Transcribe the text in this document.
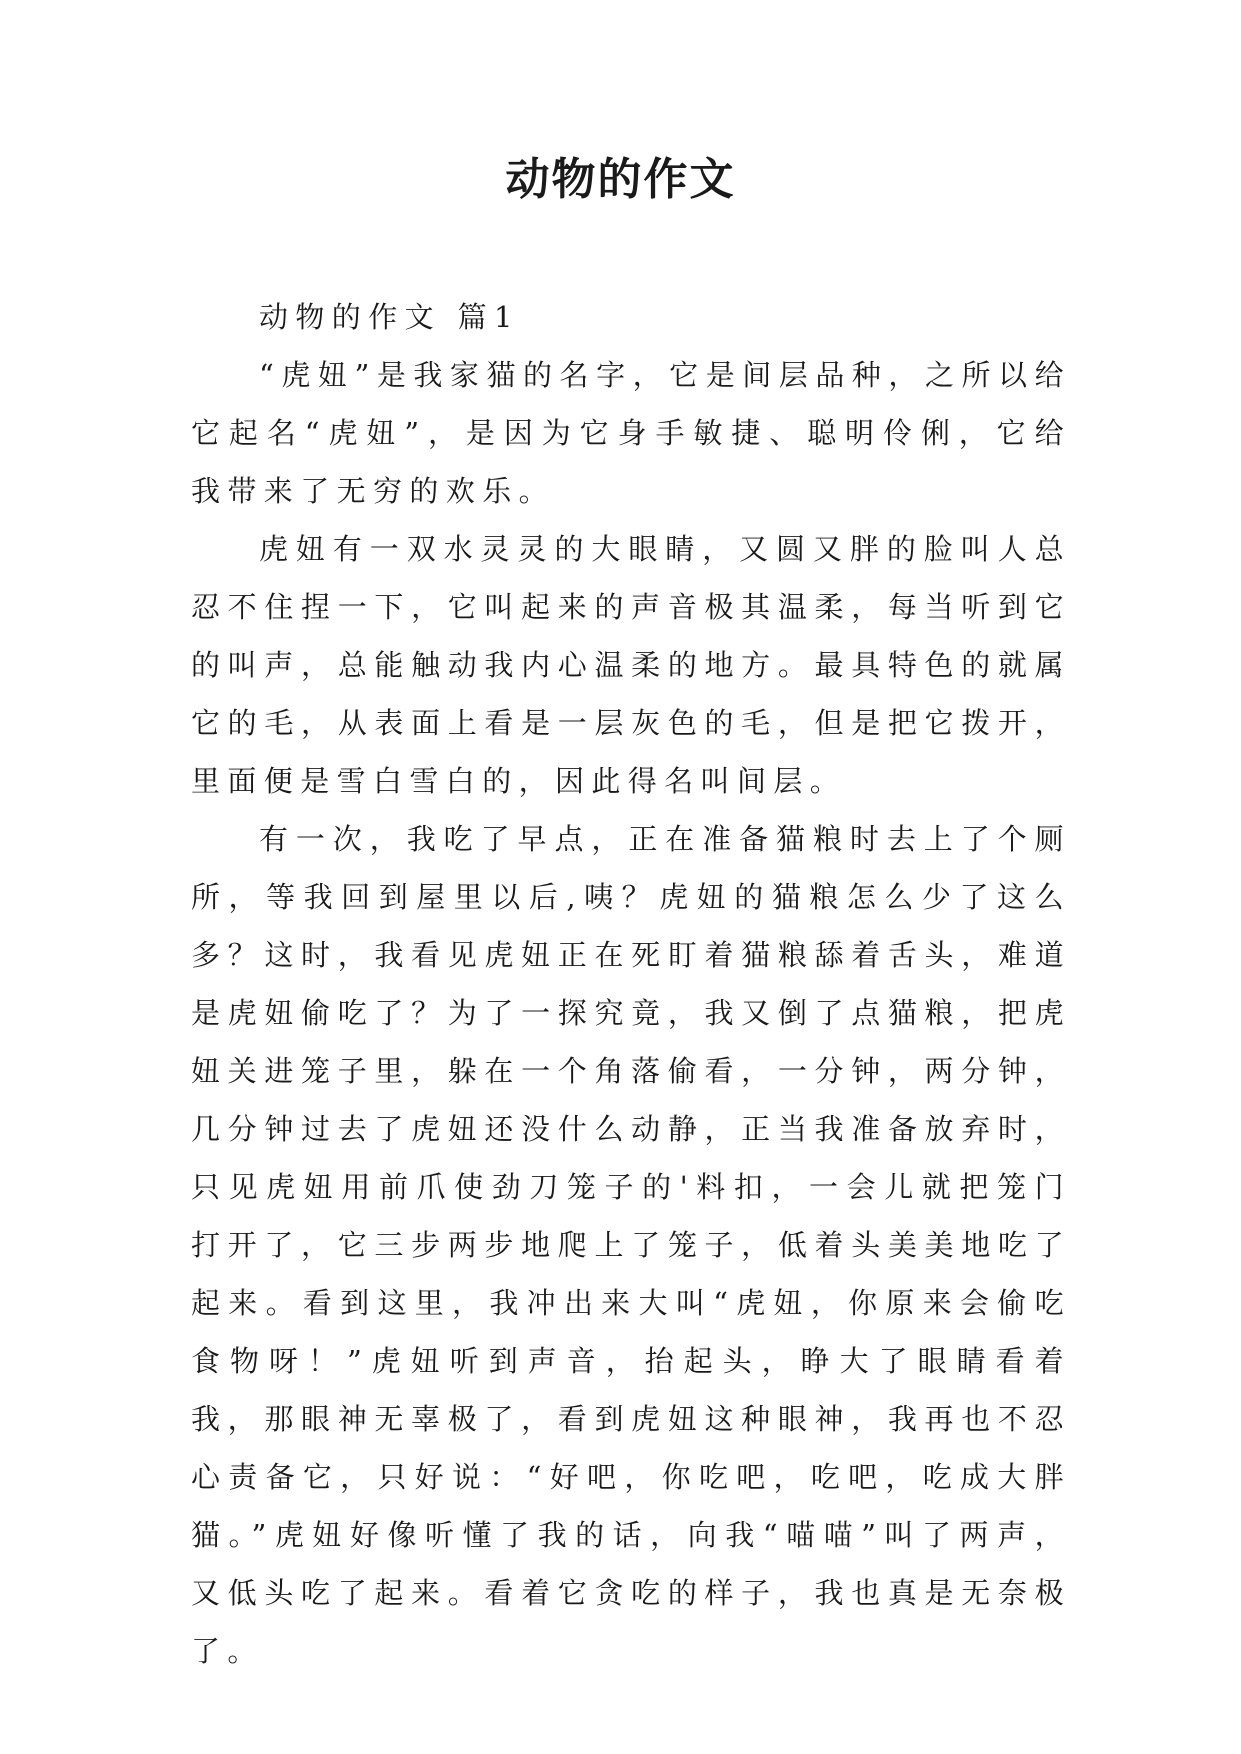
动物的作文

动物的作文 篇1

“虎妞”是我家猫的名字，它是间层品种，之所以给它起名“虎妞”，是因为它身手敏捷、聪明伶俐，它给我带来了无穷的欢乐。

虎妞有一双水灵灵的大眼睛，又圆又胖的脸叫人总忍不住捏一下，它叫起来的声音极其温柔，每当听到它的叫声，总能触动我内心温柔的地方。最具特色的就属它的毛，从表面上看是一层灰色的毛，但是把它拨开，里面便是雪白雪白的，因此得名叫间层。

有一次，我吃了早点，正在准备猫粮时去上了个厕所，等我回到屋里以后,咦？虎妞的猫粮怎么少了这么多？这时，我看见虎妞正在死盯着猫粮舔着舌头，难道是虎妞偷吃了？为了一探究竟，我又倒了点猫粮，把虎妞关进笼子里，躲在一个角落偷看，一分钟，两分钟，几分钟过去了虎妞还没什么动静，正当我准备放弃时，只见虎妞用前爪使劲刀笼子的'料扣，一会儿就把笼门打开了，它三步两步地爬上了笼子，低着头美美地吃了起来。看到这里，我冲出来大叫“虎妞，你原来会偷吃食物呀！”虎妞听到声音，抬起头，睁大了眼睛看着我，那眼神无辜极了，看到虎妞这种眼神，我再也不忍心责备它，只好说：“好吧，你吃吧，吃吧，吃成大胖猫。”虎妞好像听懂了我的话，向我“喵喵”叫了两声，又低头吃了起来。看着它贪吃的样子，我也真是无奈极了。
